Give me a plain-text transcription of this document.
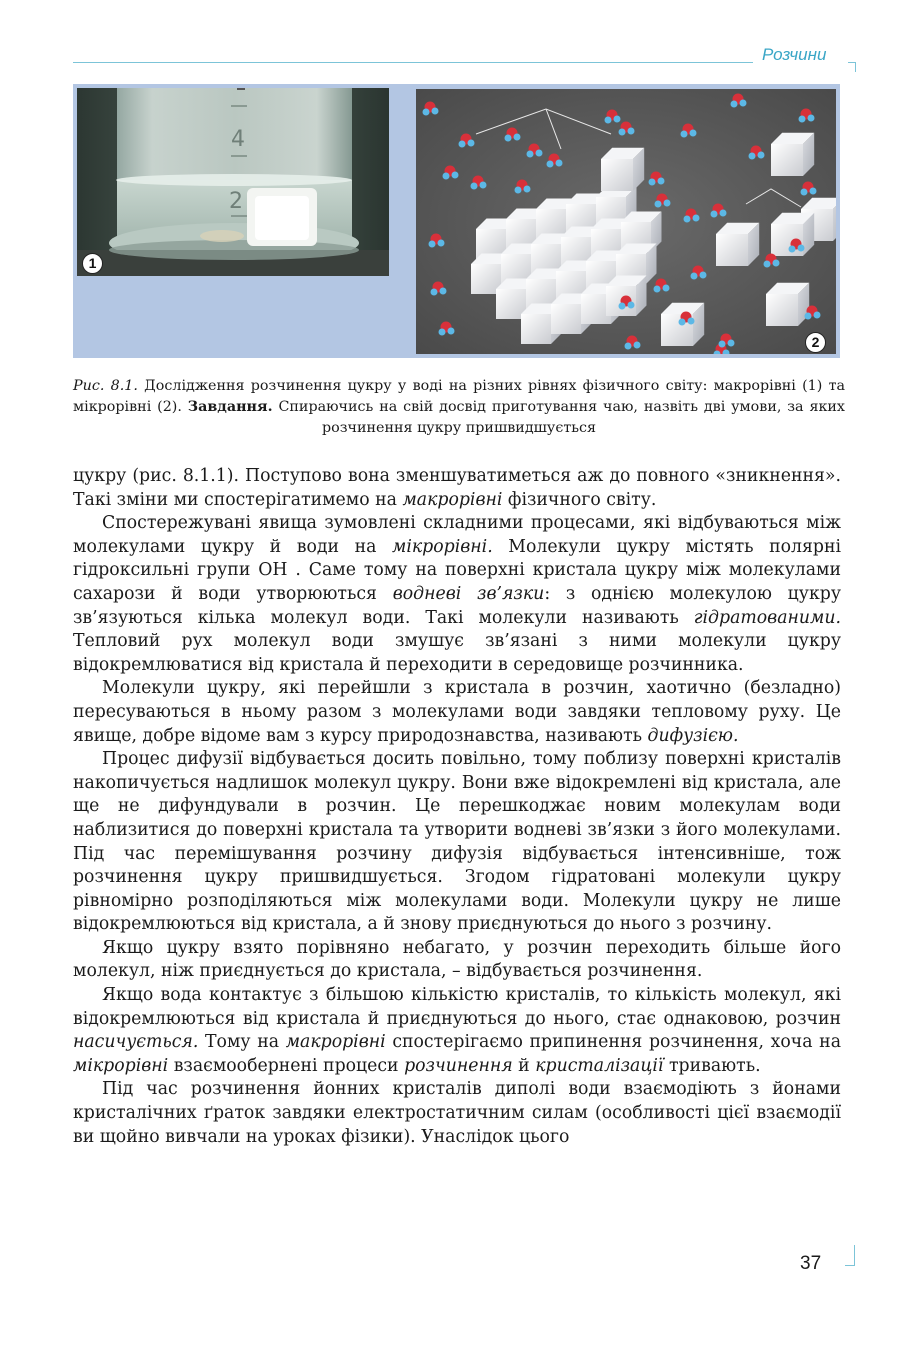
Розчини
4
2
1
2
Рис. 8.1. Дослідження розчинення цукру у воді на різних рівнях фізичного світу: макрорівні (1) та мікрорівні (2). Завдання. Спираючись на свій досвід приготування чаю, назвіть дві умови, за яких розчинення цукру пришвидшується

цукру (рис. 8.1.1). Поступово вона зменшуватиметься аж до повного «зникнення». Такі зміни ми спостерігатимемо на макрорівні фізичного світу.

Спостережувані явища зумовлені складними процесами, які відбуваються між молекулами цукру й води на мікрорівні. Молекули цукру містять полярні гідроксильні групи ОН . Саме тому на поверхні кристала цукру між молекулами сахарози й води утворюються водневі зв’язки: з однією молекулою цукру зв’язуються кілька молекул води. Такі молекули називають гідратованими. Тепловий рух молекул води змушує зв’язані з ними молекули цукру відокремлюватися від кристала й переходити в середовище розчинника.

Молекули цукру, які перейшли з кристала в розчин, хаотично (безладно) пересуваються в ньому разом з молекулами води завдяки тепловому руху. Це явище, добре відоме вам з курсу природознавства, називають дифузією.

Процес дифузії відбувається досить повільно, тому поблизу поверхні кристалів накопичується надлишок молекул цукру. Вони вже відокремлені від кристала, але ще не дифундували в розчин. Це перешкоджає новим молекулам води наблизитися до поверхні кристала та утворити водневі зв’язки з його молекулами. Під час перемішування розчину дифузія відбувається інтенсивніше, тож розчинення цукру пришвидшується. Згодом гідратовані молекули цукру рівномірно розподіляються між молекулами води. Молекули цукру не лише відокремлюються від кристала, а й знову приєднуються до нього з розчину.

Якщо цукру взято порівняно небагато, у розчин переходить більше його молекул, ніж приєднується до кристала, – відбувається розчинення.

Якщо вода контактує з більшою кількістю кристалів, то кількість молекул, які відокремлюються від кристала й приєднуються до нього, стає однаковою, розчин насичується. Тому на макрорівні спостерігаємо припинення розчинення, хоча на мікрорівні взаємообернені процеси розчинення й кристалізації тривають.

Під час розчинення йонних кристалів диполі води взаємодіють з йонами кристалічних ґраток завдяки електростатичним силам (особливості цієї взаємодії ви щойно вивчали на уроках фізики). Унаслідок цього

37
